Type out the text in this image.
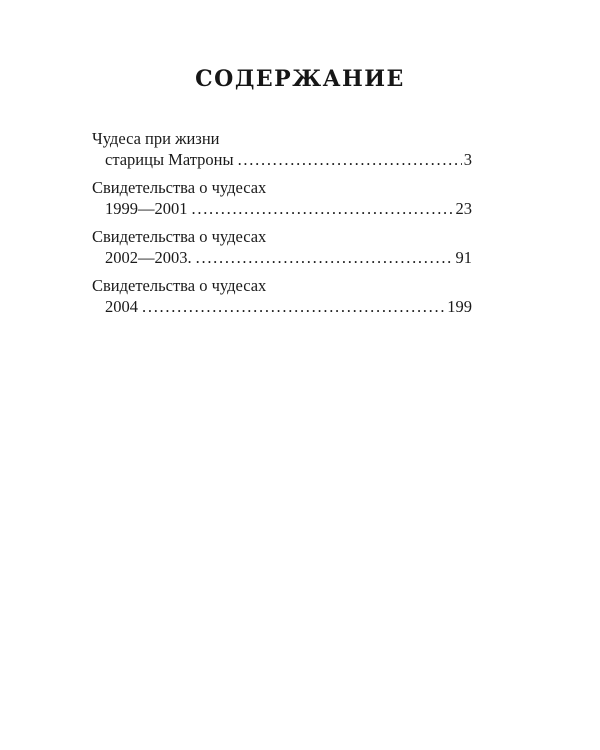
СОДЕРЖАНИЕ
Чудеса при жизни
старицы Матроны . . .	3
Свидетельства о чудесах
1999—2001 . . .	23
Свидетельства о чудесах
2002—2003. . . .	91
Свидетельства о чудесах
2004 . . .	199
